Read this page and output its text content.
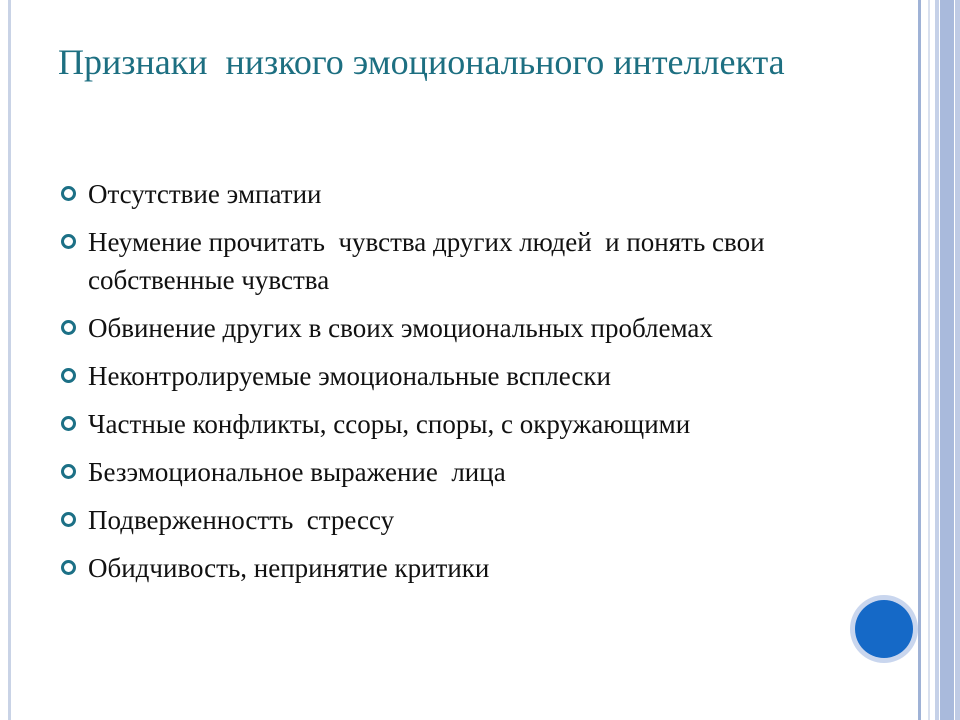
Признаки  низкого эмоционального интеллекта
Отсутствие эмпатии
Неумение прочитать  чувства других людей  и понять свои собственные чувства
Обвинение других в своих эмоциональных проблемах
Неконтролируемые эмоциональные всплески
Частные конфликты, ссоры, споры, с окружающими
Безэмоциональное выражение  лица
Подверженностть  стрессу
Обидчивость, непринятие критики
